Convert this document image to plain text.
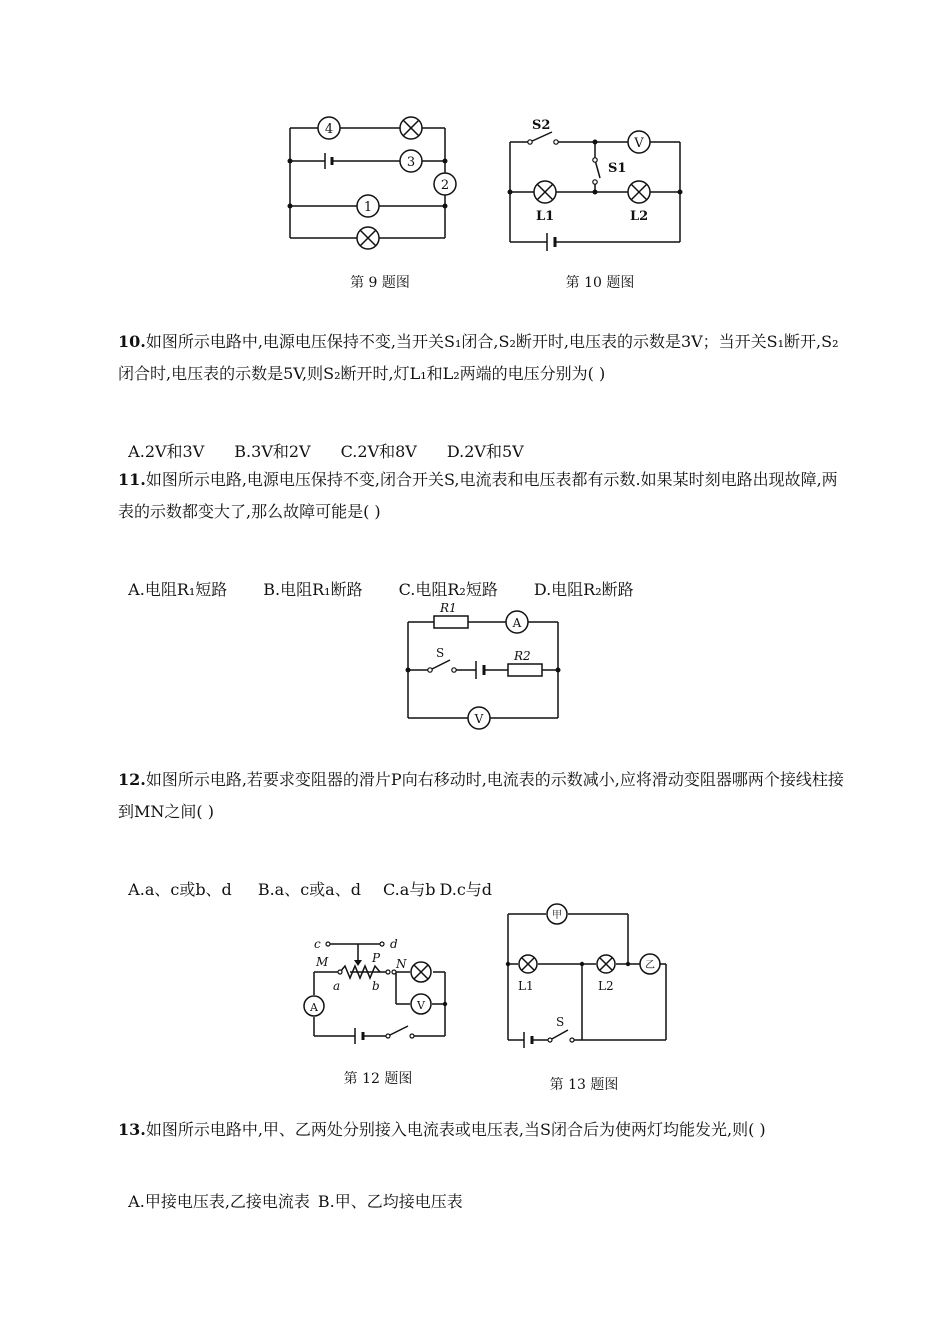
4
3
2
1
第 9 题图
S2
S1
V
L1	L2
第 10 题图
10.如图所示电路中,电源电压保持不变,当开关S₁闭合,S₂断开时,电压表的示数是3V；当开关S₁断开,S₂闭合时,电压表的示数是5V,则S₂断开时,灯L₁和L₂两端的电压分别为( )

A.2V和3V B.3V和2V C.2V和8V D.2V和5V

11.如图所示电路,电源电压保持不变,闭合开关S,电流表和电压表都有示数.如果某时刻电路出现故障,两表的示数都变大了,那么故障可能是( )

A.电阻R₁短路 B.电阻R₁断路 C.电阻R₂短路 D.电阻R₂断路

R1
R2
S
A
V
12.如图所示电路,若要求变阻器的滑片P向右移动时,电流表的示数减小,应将滑动变阻器哪两个接线柱接到MN之间( )

A.a、c或b、d B.a、c或a、d C.a与b D.c与d

c	d
M	P N
a	b
V
A
第 12 题图
甲
乙
L1	L2
S
第 13 题图
13.如图所示电路中,甲、乙两处分别接入电流表或电压表,当S闭合后为使两灯均能发光,则( )

A.甲接电压表,乙接电流表 B.甲、乙均接电压表
